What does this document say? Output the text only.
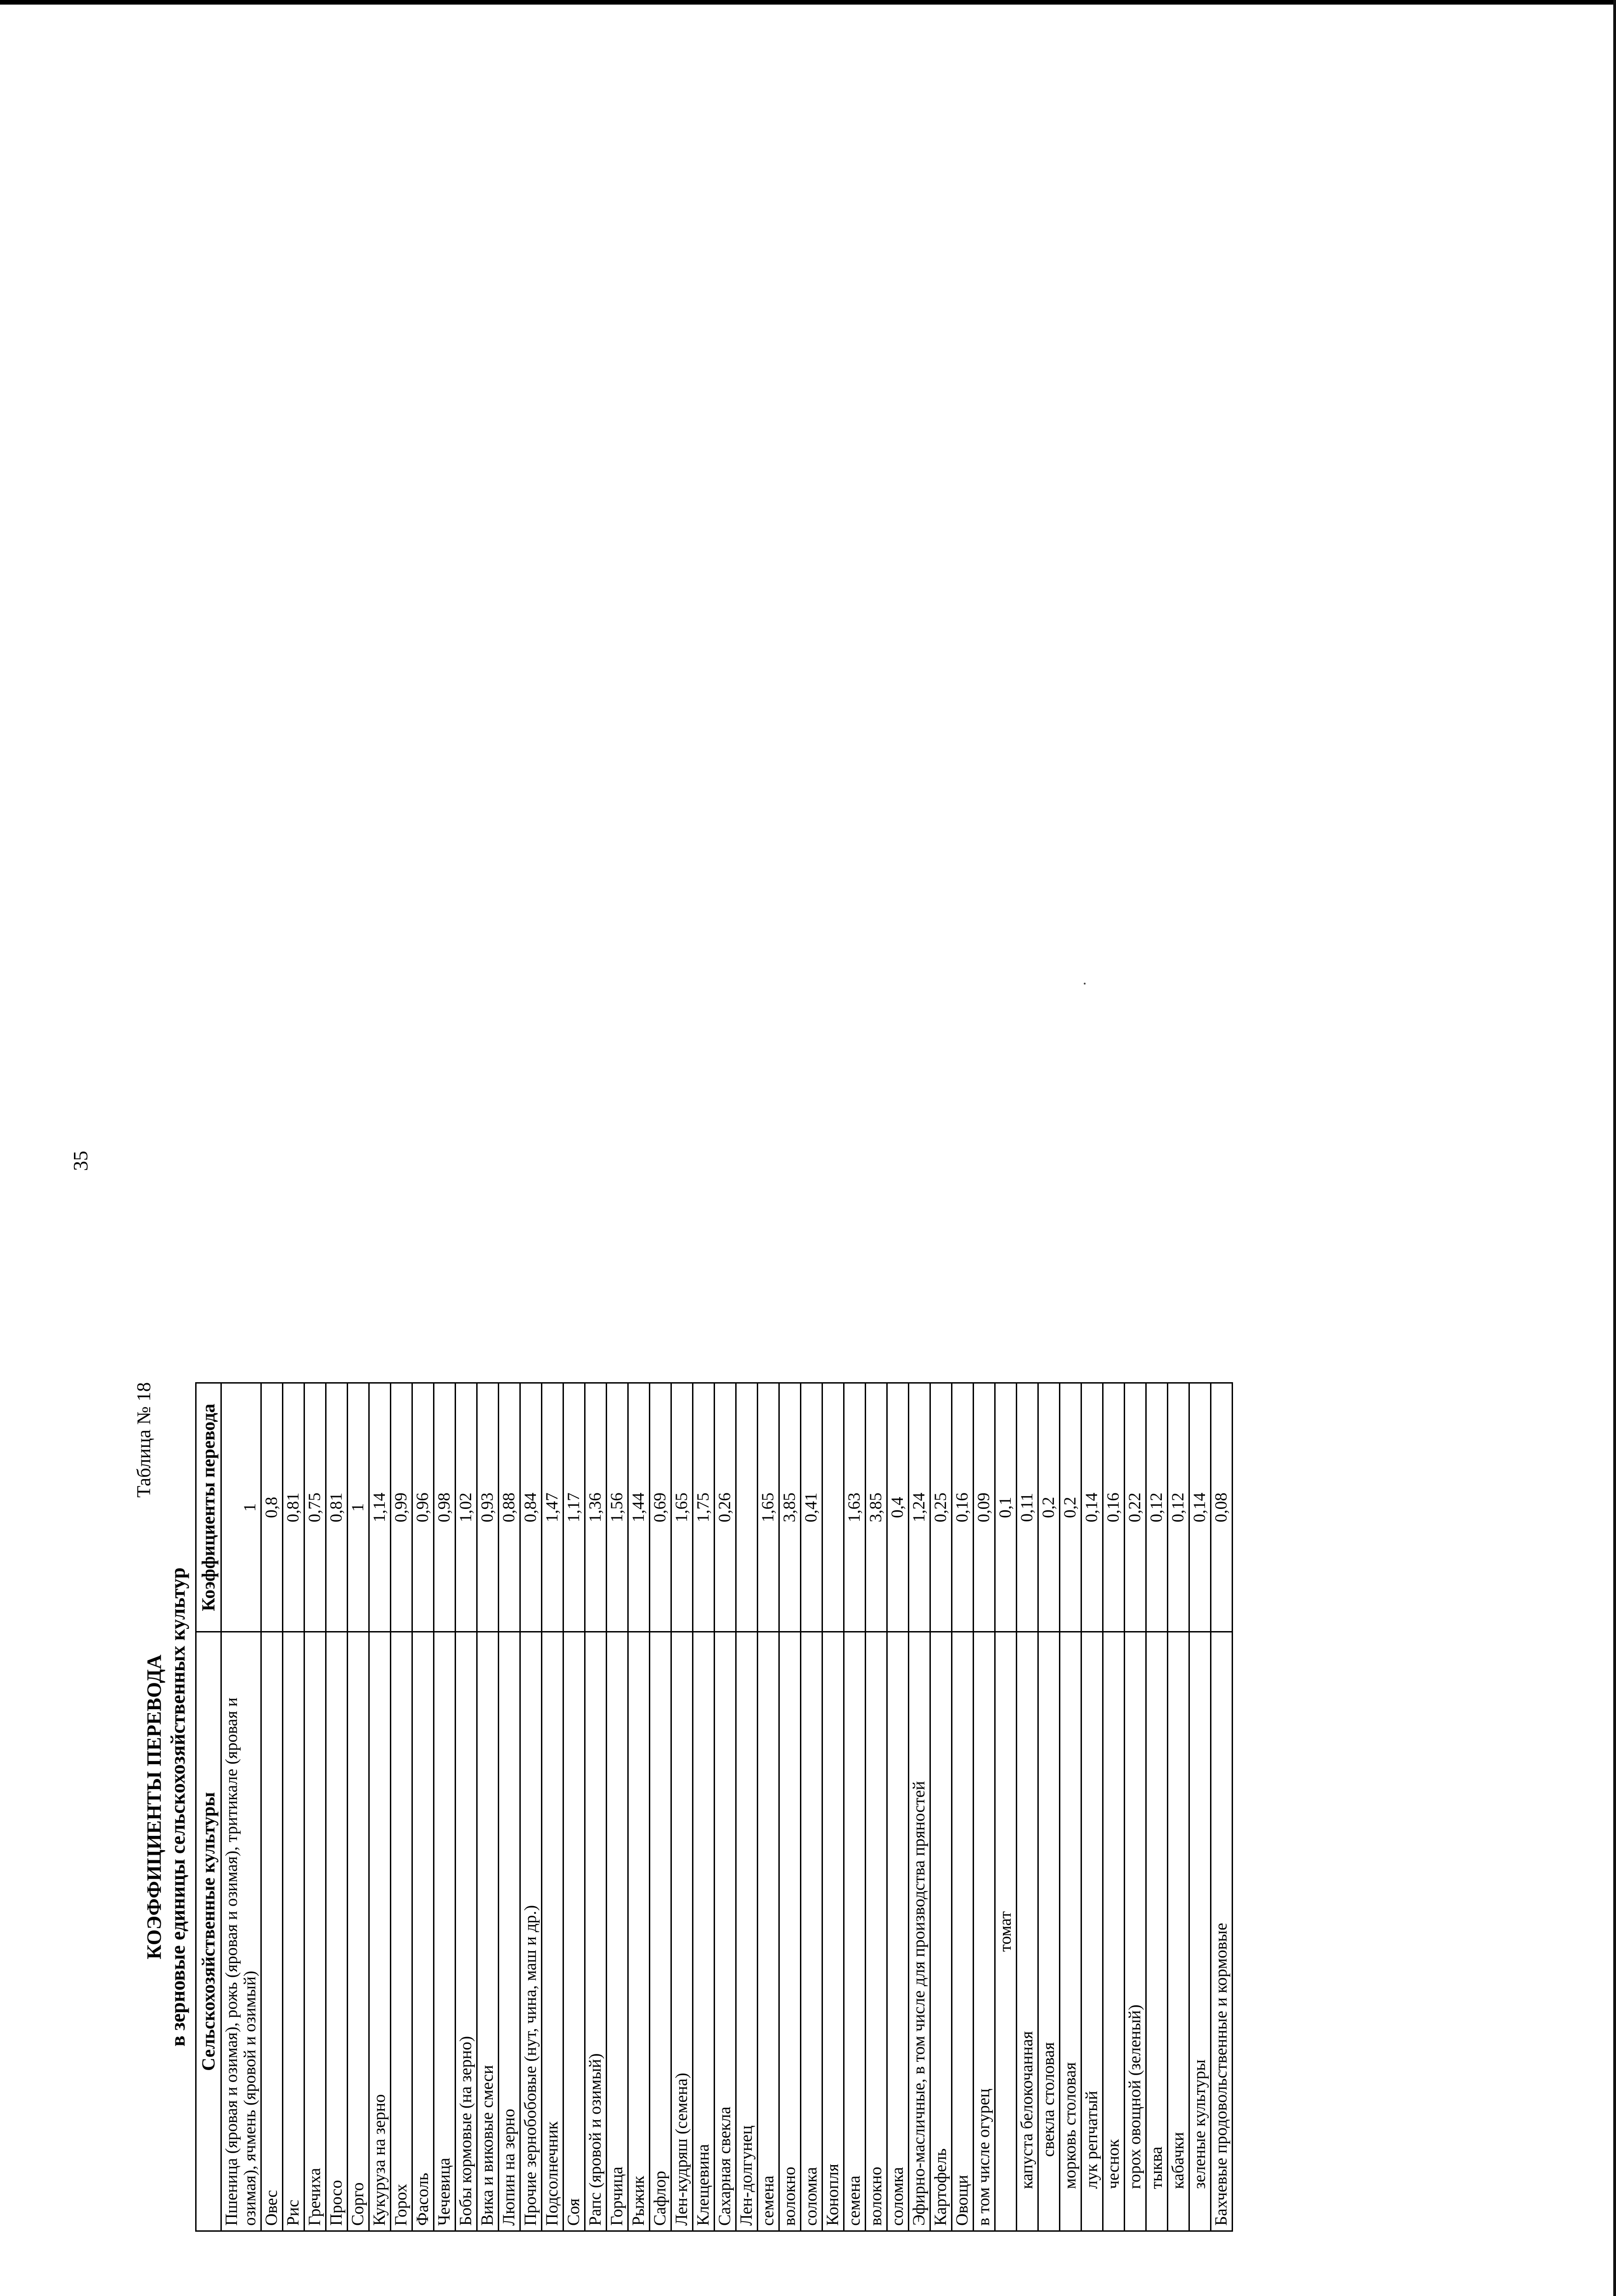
35
Таблица № 18
КОЭФФИЦИЕНТЫ ПЕРЕВОДА в зерновые единицы сельскохозяйственных культур Сельскохозяйственные культуры	Коэффициенты перевода
Пшеница (яровая и озимая), рожь (яровая и озимая), тритикале (яровая и озимая), ячмень (яровой и озимый)	1
Овес	0,8
Рис	0,81
Гречиха	0,75
Просо	0,81
Сорго	1
Кукуруза на зерно	1,14
Горох	0,99
Фасоль	0,96
Чечевица	0,98
Бобы кормовые (на зерно)	1,02
Вика и виковые смеси	0,93
Люпин на зерно	0,88
Прочие зернобобовые (нут, чина, маш и др.)	0,84
Подсолнечник	1,47
Соя	1,17
Рапс (яровой и озимый)	1,36
Горчица	1,56
Рыжик	1,44
Сафлор	0,69
Лен-кудряш (семена)	1,65
Клещевина	1,75
Сахарная свекла	0,26
Лен-долгунец	
семена	1,65
волокно	3,85
соломка	0,41
Конопля	
семена	1,63
волокно	3,85
соломка	0,4
Эфирно-масличные, в том числе для производства пряностей	1,24
Картофель	0,25
Овощи	0,16
в том числе огурец	0,09
томат	0,1
капуста белокочанная	0,11
свекла столовая	0,2
морковь столовая	0,2
лук репчатый	0,14
чеснок	0,16
горох овощной (зеленый)	0,22
тыква	0,12
кабачки	0,12
зеленые культуры	0,14
Бахчевые продовольственные и кормовые	0,08
